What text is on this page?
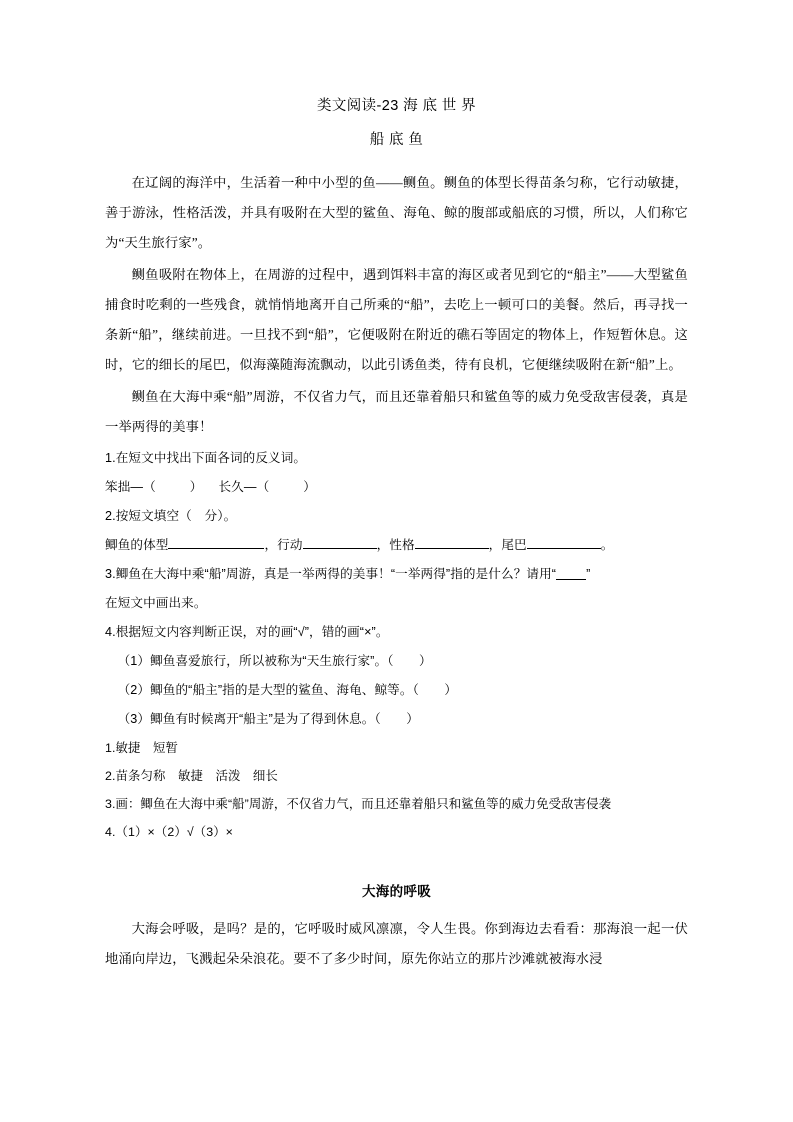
类文阅读-23 海 底 世 界
船 底 鱼

在辽阔的海洋中，生活着一种中小型的鱼——鲗鱼。鲗鱼的体型长得苗条匀称，它行动敏捷，善于游泳，性格活泼，并具有吸附在大型的鲨鱼、海龟、鲸的腹部或船底的习惯，所以，人们称它为“天生旅行家”。

鲗鱼吸附在物体上，在周游的过程中，遇到饵料丰富的海区或者见到它的“船主”——大型鲨鱼捕食时吃剩的一些残食，就悄悄地离开自己所乘的“船”，去吃上一顿可口的美餐。然后，再寻找一条新“船”，继续前进。一旦找不到“船”，它便吸附在附近的礁石等固定的物体上，作短暂休息。这时，它的细长的尾巴，似海藻随海流飘动，以此引诱鱼类，待有良机，它便继续吸附在新“船”上。

鲗鱼在大海中乘“船”周游，不仅省力气，而且还靠着船只和鲨鱼等的威力免受敌害侵袭，真是一举两得的美事！

1.在短文中找出下面各词的反义词。

笨拙—（	） 长久—（	）

2.按短文填空（　分）。

鲫鱼的体型	，行动	，性格	，尾巴	。

3.鲫鱼在大海中乘“船”周游，真是一举两得的美事！“一举两得”指的是什么？请用“ ”

在短文中画出来。

4.根据短文内容判断正误，对的画“√”，错的画“×”。

（1）鲫鱼喜爱旅行，所以被称为“天生旅行家”。（　　）

（2）鲫鱼的“船主”指的是大型的鲨鱼、海龟、鲸等。（　　）

（3）鲫鱼有时候离开“船主”是为了得到休息。（　　）

1.敏捷　短暂

2.苗条匀称　敏捷　活泼　细长

3.画：鲫鱼在大海中乘“船”周游，不仅省力气，而且还靠着船只和鲨鱼等的威力免受敌害侵袭

4.（1）×（2）√（3）×

大海的呼吸

大海会呼吸，是吗？是的，它呼吸时威风凛凛，令人生畏。你到海边去看看：那海浪一起一伏地涌向岸边，飞溅起朵朵浪花。要不了多少时间，原先你站立的那片沙滩就被海水浸
